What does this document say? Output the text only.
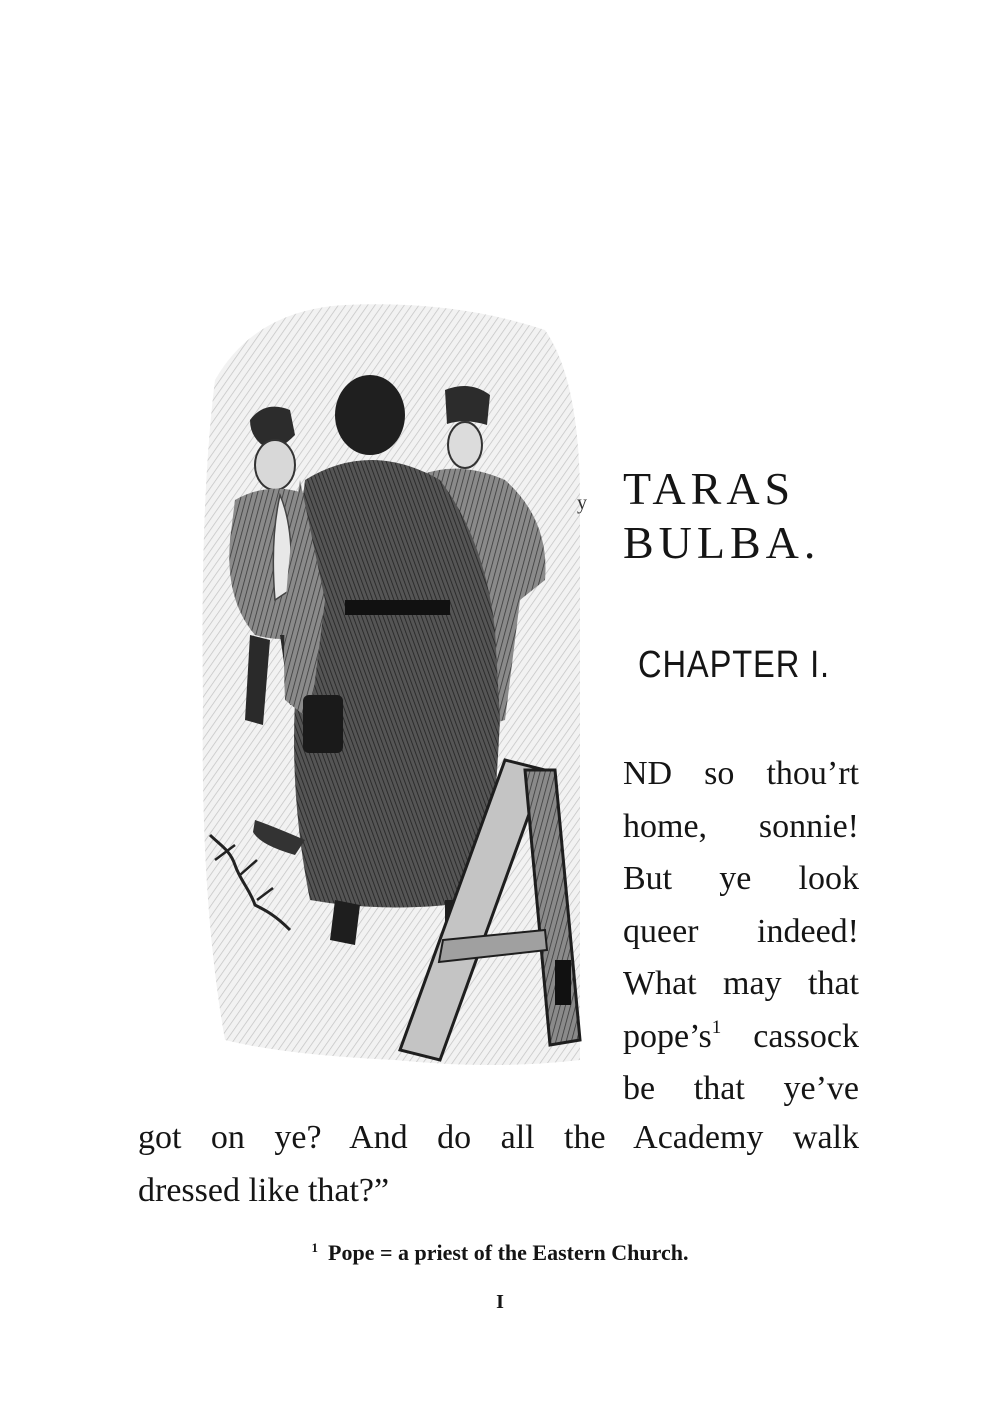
y TARAS
BULBA.
CHAPTER I.
ND so thou’rt
home, sonnie!
But ye look
queer indeed!
What may that
pope’s$^1$ cassock
be that ye’ve
got on ye? And do all the Academy walk
dressed like that?”
$^1$ Pope = a priest of the Eastern Church.
I
